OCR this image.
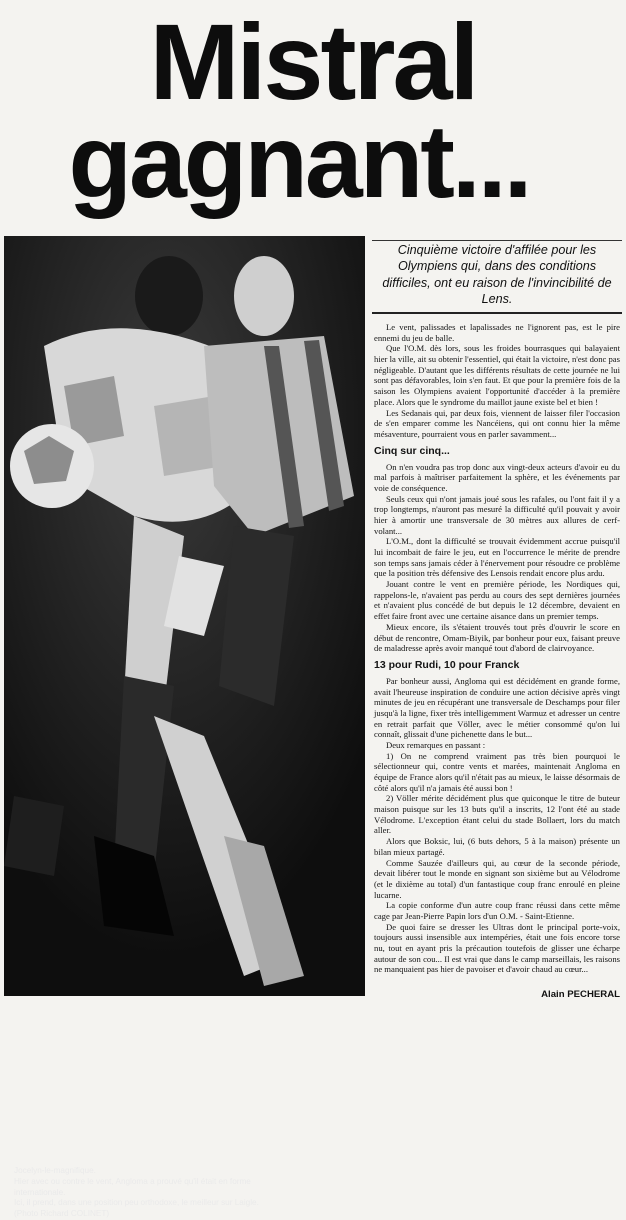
Mistral
gagnant...
Jocelyn-le-magnifique.
Hier avec ou contre le vent, Angloma a prouvé qu'il était en forme internationale.
Ici, il prend, dans une position peu orthodoxe, le meilleur sur Laigle.
(Photo Richard COLINET)
Cinquième victoire d'affilée pour les Olympiens qui, dans des conditions difficiles, ont eu raison de l'invincibilité de Lens.

Le vent, palissades et lapalissades ne l'ignorent pas, est le pire ennemi du jeu de balle.

Que l'O.M. dès lors, sous les froides bourrasques qui balayaient hier la ville, ait su obtenir l'essentiel, qui était la victoire, n'est donc pas négligeable. D'autant que les différents résultats de cette journée ne lui sont pas défavorables, loin s'en faut. Et que pour la première fois de la saison les Olympiens avaient l'opportunité d'accéder à la première place. Alors que le syndrome du maillot jaune existe bel et bien !

Les Sedanais qui, par deux fois, viennent de laisser filer l'occasion de s'en emparer comme les Nancéiens, qui ont connu hier la même mésaventure, pourraient vous en parler savamment...

Cinq sur cinq...

On n'en voudra pas trop donc aux vingt-deux acteurs d'avoir eu du mal parfois à maîtriser parfaitement la sphère, et les événements par voie de conséquence.

Seuls ceux qui n'ont jamais joué sous les rafales, ou l'ont fait il y a trop longtemps, n'auront pas mesuré la difficulté qu'il pouvait y avoir hier à amortir une transversale de 30 mètres aux allures de cerf-volant...

L'O.M., dont la difficulté se trouvait évidemment accrue puisqu'il lui incombait de faire le jeu, eut en l'occurrence le mérite de prendre son temps sans jamais céder à l'énervement pour résoudre ce problème que la position très défensive des Lensois rendait encore plus ardu.

Jouant contre le vent en première période, les Nordiques qui, rappelons-le, n'avaient pas perdu au cours des sept dernières journées et n'avaient plus concédé de but depuis le 12 décembre, devaient en effet faire front avec une certaine aisance dans un premier temps.

Mieux encore, ils s'étaient trouvés tout près d'ouvrir le score en début de rencontre, Omam-Biyik, par bonheur pour eux, faisant preuve de maladresse après avoir manqué tout d'abord de clairvoyance.

13 pour Rudi, 10 pour Franck

Par bonheur aussi, Angloma qui est décidément en grande forme, avait l'heureuse inspiration de conduire une action décisive après vingt minutes de jeu en récupérant une transversale de Deschamps pour filer jusqu'à la ligne, fixer très intelligemment Warmuz et adresser un centre en retrait parfait que Völler, avec le métier consommé qu'on lui connaît, glissait d'une pichenette dans le but...

Deux remarques en passant :

1) On ne comprend vraiment pas très bien pourquoi le sélectionneur qui, contre vents et marées, maintenait Angloma en équipe de France alors qu'il n'était pas au mieux, le laisse désormais de côté alors qu'il n'a jamais été aussi bon !

2) Völler mérite décidément plus que quiconque le titre de buteur maison puisque sur les 13 buts qu'il a inscrits, 12 l'ont été au stade Vélodrome. L'exception étant celui du stade Bollaert, lors du match aller.

Alors que Boksic, lui, (6 buts dehors, 5 à la maison) présente un bilan mieux partagé.

Comme Sauzée d'ailleurs qui, au cœur de la seconde période, devait libérer tout le monde en signant son sixième but au Vélodrome (et le dixième au total) d'un fantastique coup franc enroulé en pleine lucarne.

La copie conforme d'un autre coup franc réussi dans cette même cage par Jean-Pierre Papin lors d'un O.M. - Saint-Etienne.

De quoi faire se dresser les Ultras dont le principal porte-voix, toujours aussi insensible aux intempéries, était une fois encore torse nu, tout en ayant pris la précaution toutefois de glisser une écharpe autour de son cou... Il est vrai que dans le camp marseillais, les raisons ne manquaient pas hier de pavoiser et d'avoir chaud au cœur...

Alain PECHERAL
